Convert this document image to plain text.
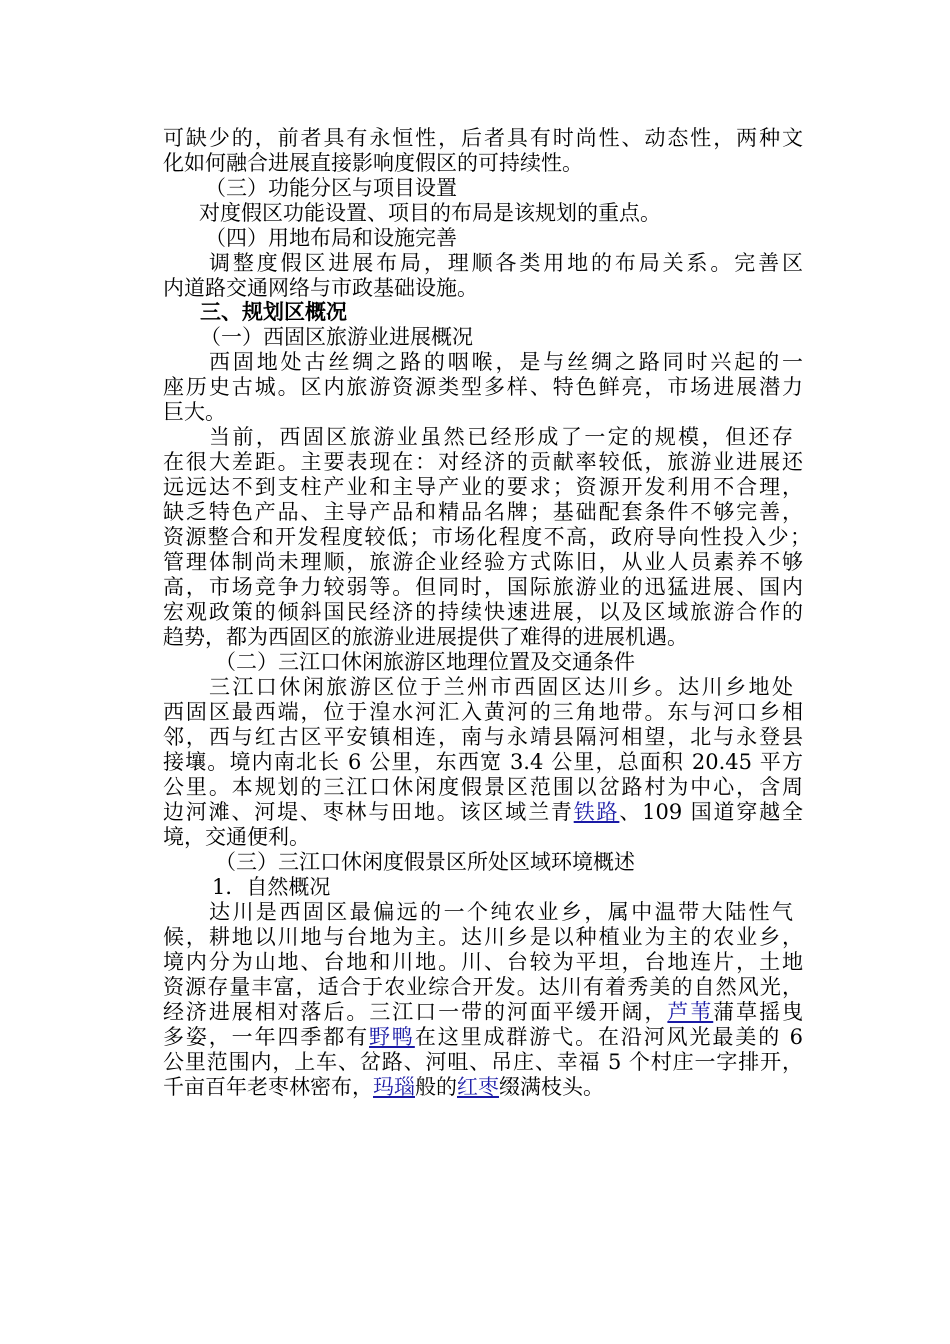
可缺少的，前者具有永恒性，后者具有时尚性、动态性，两种文
化如何融合进展直接影响度假区的可持续性。
（三）功能分区与项目设置
对度假区功能设置、项目的布局是该规划的重点。
（四）用地布局和设施完善
调整度假区进展布局，理顺各类用地的布局关系。完善区
内道路交通网络与市政基础设施。
三、规划区概况
（一）西固区旅游业进展概况
西固地处古丝绸之路的咽喉，是与丝绸之路同时兴起的一
座历史古城。区内旅游资源类型多样、特色鲜亮，市场进展潜力
巨大。
当前，西固区旅游业虽然已经形成了一定的规模，但还存
在很大差距。主要表现在：对经济的贡献率较低，旅游业进展还
远远达不到支柱产业和主导产业的要求；资源开发利用不合理，
缺乏特色产品、主导产品和精品名牌；基础配套条件不够完善，
资源整合和开发程度较低；市场化程度不高，政府导向性投入少；
管理体制尚未理顺，旅游企业经验方式陈旧，从业人员素养不够
高，市场竞争力较弱等。但同时，国际旅游业的迅猛进展、国内
宏观政策的倾斜国民经济的持续快速进展，以及区域旅游合作的
趋势，都为西固区的旅游业进展提供了难得的进展机遇。
（二）三江口休闲旅游区地理位置及交通条件
三江口休闲旅游区位于兰州市西固区达川乡。达川乡地处
西固区最西端，位于湟水河汇入黄河的三角地带。东与河口乡相
邻，西与红古区平安镇相连，南与永靖县隔河相望，北与永登县
接壤。境内南北长 6 公里，东西宽 3.4 公里，总面积 20.45 平方
公里。本规划的三江口休闲度假景区范围以岔路村为中心，含周
边河滩、河堤、枣林与田地。该区域兰青铁路、109 国道穿越全
境，交通便利。
（三）三江口休闲度假景区所处区域环境概述
1．自然概况
达川是西固区最偏远的一个纯农业乡，属中温带大陆性气
候，耕地以川地与台地为主。达川乡是以种植业为主的农业乡，
境内分为山地、台地和川地。川、台较为平坦，台地连片，土地
资源存量丰富，适合于农业综合开发。达川有着秀美的自然风光，
经济进展相对落后。三江口一带的河面平缓开阔，芦苇蒲草摇曳
多姿，一年四季都有野鸭在这里成群游弋。在沿河风光最美的 6
公里范围内，上车、岔路、河咀、吊庄、幸福 5 个村庄一字排开，
千亩百年老枣林密布，玛瑙般的红枣缀满枝头。
